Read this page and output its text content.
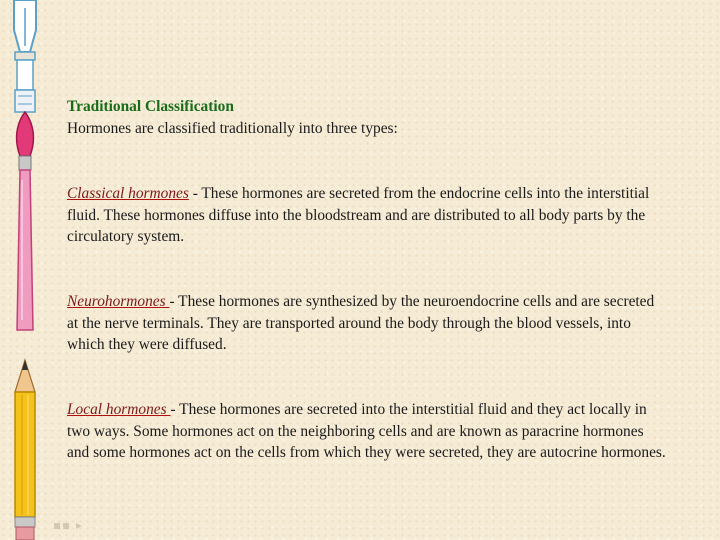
Traditional Classification

Hormones are classified traditionally into three types:

Classical hormones - These hormones are secreted from the endocrine cells into the interstitial fluid. These hormones diffuse into the bloodstream and are distributed to all body parts by the circulatory system.

Neurohormones - These hormones are synthesized by the neuroendocrine cells and are secreted at the nerve terminals. They are transported around the body through the blood vessels, into which they were diffused.

Local hormones - These hormones are secreted into the interstitial fluid and they act locally in two ways. Some hormones act on the neighboring cells and are known as paracrine hormones and some hormones act on the cells from which they were secreted, they are autocrine hormones.
